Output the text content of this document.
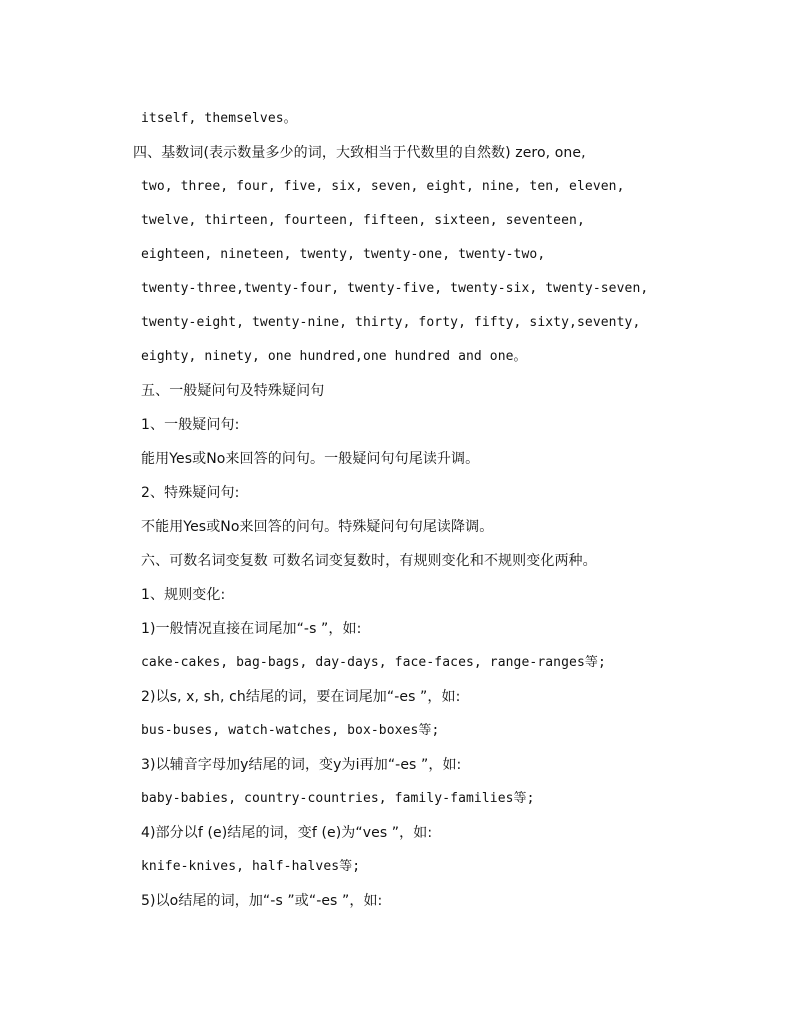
itself, themselves。
四、基数词(表示数量多少的词，大致相当于代数里的自然数) zero, one,
two, three, four, five, six, seven, eight, nine, ten, eleven,
twelve, thirteen, fourteen, fifteen, sixteen, seventeen,
eighteen, nineteen, twenty, twenty-one, twenty-two,
twenty-three,twenty-four, twenty-five, twenty-six, twenty-seven,
twenty-eight, twenty-nine, thirty, forty, fifty, sixty,seventy,
eighty, ninety, one hundred,one hundred and one。
五、一般疑问句及特殊疑问句
1、一般疑问句:
能用Yes或No来回答的问句。一般疑问句句尾读升调。
2、特殊疑问句:
不能用Yes或No来回答的问句。特殊疑问句句尾读降调。
六、可数名词变复数 可数名词变复数时，有规则变化和不规则变化两种。
1、规则变化:
1)一般情况直接在词尾加“-s ”，如:
cake-cakes, bag-bags, day-days, face-faces, range-ranges等;
2)以s, x, sh, ch结尾的词，要在词尾加“-es ”，如:
bus-buses, watch-watches, box-boxes等;
3)以辅音字母加y结尾的词，变y为i再加“-es ”，如:
baby-babies, country-countries, family-families等;
4)部分以f (e)结尾的词，变f (e)为“ves ”，如:
knife-knives, half-halves等;
5)以o结尾的词，加“-s ”或“-es ”，如:
